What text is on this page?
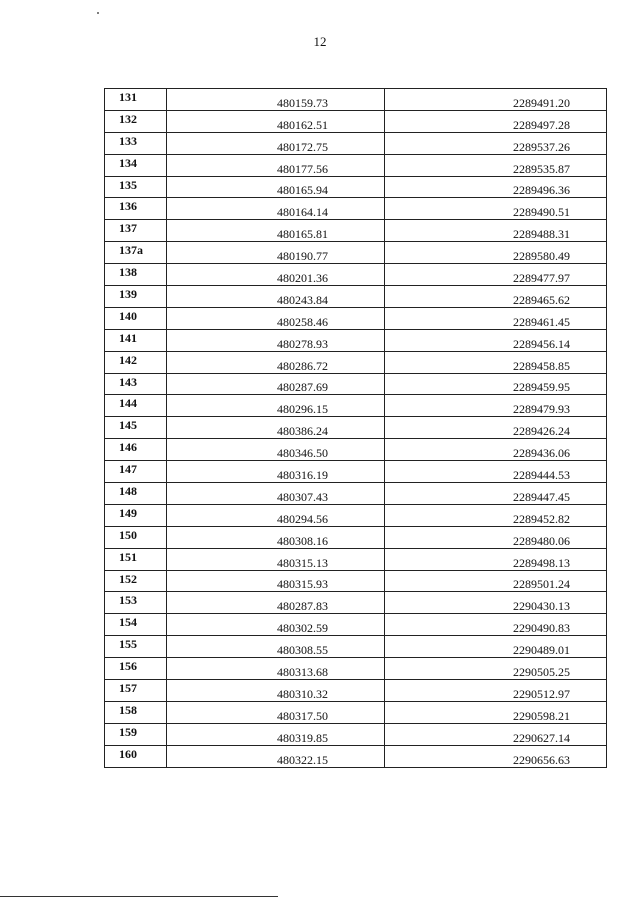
12
131	480159.73	2289491.20
132	480162.51	2289497.28
133	480172.75	2289537.26
134	480177.56	2289535.87
135	480165.94	2289496.36
136	480164.14	2289490.51
137	480165.81	2289488.31
137a	480190.77	2289580.49
138	480201.36	2289477.97
139	480243.84	2289465.62
140	480258.46	2289461.45
141	480278.93	2289456.14
142	480286.72	2289458.85
143	480287.69	2289459.95
144	480296.15	2289479.93
145	480386.24	2289426.24
146	480346.50	2289436.06
147	480316.19	2289444.53
148	480307.43	2289447.45
149	480294.56	2289452.82
150	480308.16	2289480.06
151	480315.13	2289498.13
152	480315.93	2289501.24
153	480287.83	2290430.13
154	480302.59	2290490.83
155	480308.55	2290489.01
156	480313.68	2290505.25
157	480310.32	2290512.97
158	480317.50	2290598.21
159	480319.85	2290627.14
160	480322.15	2290656.63
